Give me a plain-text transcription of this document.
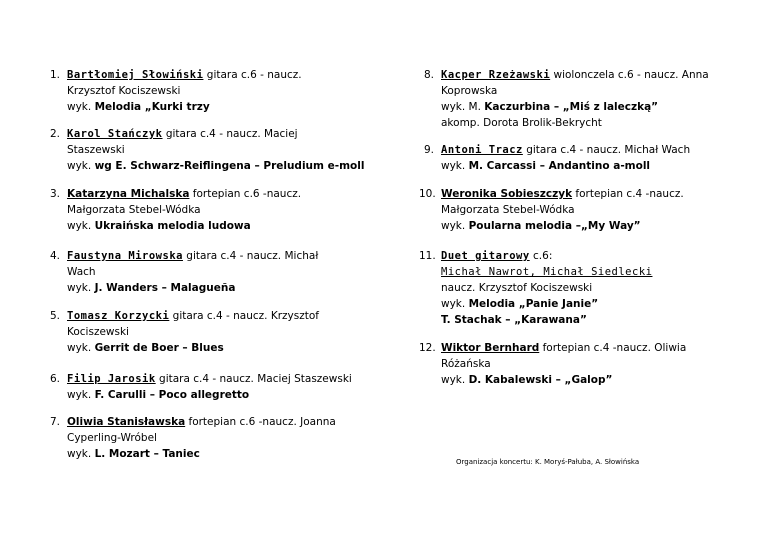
1. Bartłomiej Słowiński gitara c.6 - naucz.
Krzysztof Kociszewski
wyk. Melodia „Kurki trzy
2. Karol Stańczyk gitara c.4 - naucz. Maciej
Staszewski
wyk. wg E. Schwarz-Reiflingena – Preludium e-moll
3. Katarzyna Michalska fortepian c.6 -naucz.
Małgorzata Stebel-Wódka
wyk. Ukraińska melodia ludowa
4. Faustyna Mirowska gitara c.4 - naucz. Michał
Wach
wyk. J. Wanders – Malagueña
5. Tomasz Korzycki gitara c.4 - naucz. Krzysztof
Kociszewski
wyk. Gerrit de Boer – Blues
6. Filip Jarosik gitara c.4 - naucz. Maciej Staszewski
wyk. F. Carulli – Poco allegretto
7. Oliwia Stanisławska fortepian c.6 -naucz. Joanna
Cyperling-Wróbel
wyk. L. Mozart – Taniec
8. Kacper Rzeżawski wiolonczela c.6 - naucz. Anna
Koprowska
wyk. M. Kaczurbina – „Miś z laleczką”
akomp. Dorota Brolik-Bekrycht
9. Antoni Tracz gitara c.4 - naucz. Michał Wach
wyk. M. Carcassi – Andantino a-moll
10. Weronika Sobieszczyk fortepian c.4 -naucz.
Małgorzata Stebel-Wódka
wyk. Poularna melodia –„My Way”
11. Duet gitarowy c.6:
Michał Nawrot, Michał Siedlecki
naucz. Krzysztof Kociszewski
wyk. Melodia „Panie Janie”
T. Stachak – „Karawana”
12. Wiktor Bernhard fortepian c.4 -naucz. Oliwia
Różańska
wyk. D. Kabalewski – „Galop”
Organizacja koncertu: K. Moryś-Pałuba, A. Słowińska
